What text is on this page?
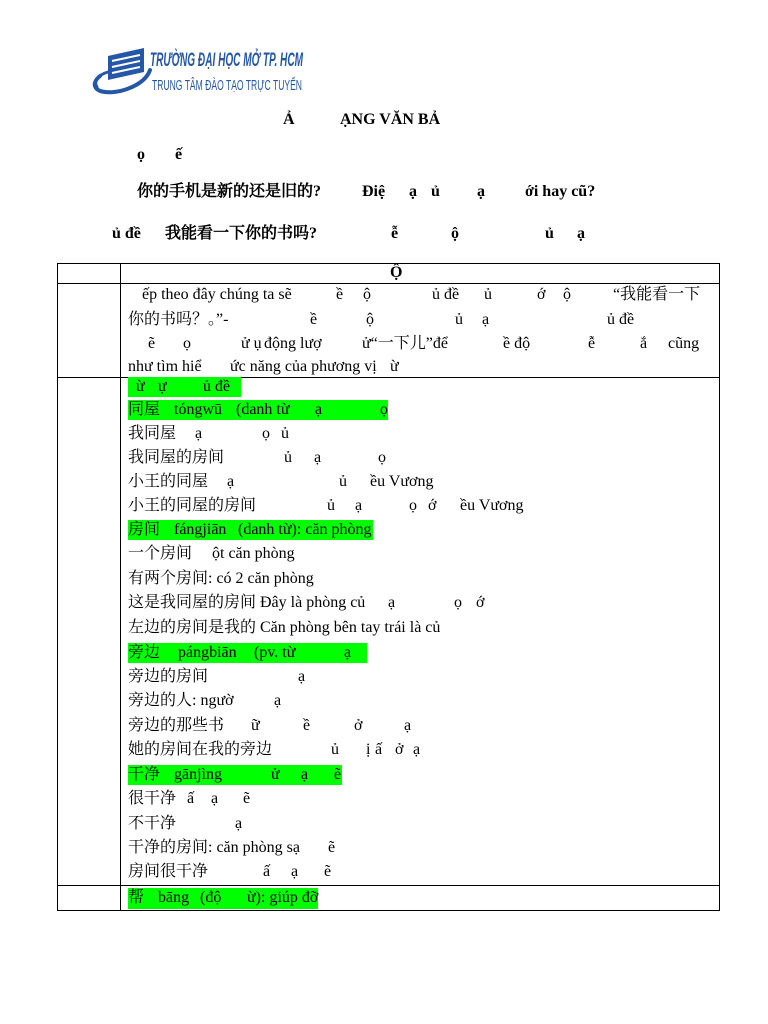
TRƯỜNG ĐẠI HỌC MỞ TP. HCM
TRUNG TÂM ĐÀO TẠO TRỰC TUYẾN
Ả	ẠNG VĂN BẢ
ọ ế
你的手机是新的还是旧的?	Điệ ạ ủ ạ	ới hay cũ?
ủ đề 我能看一下你的书吗?	ễ	ộ	ủ ạ
Ộ
ếp theo đây chúng ta sẽ	ề ộ	ủ đề ủ	ớ ộ	“我能看一下
你的书吗？。”-	ề	ộ	ủ ạ	ủ đề
ẽ ọ	ử ụ động lượ	ử“一下儿”để	ề độ	ễ	ắ cũng
như tìm hiể ức năng của phương vị ừ
ừ ự ủ đề
同屋 tóngwū (danh từ ạ	ọ
我同屋 ạ	ọ ủ
我同屋的房间	ủ ạ	ọ
小王的同屋 ạ	ủ ều Vương
小王的同屋的房间	ủ ạ	ọ ớ ều Vương
房间 fángjiān (danh từ): căn phòng
一个房间 ột căn phòng
有两个房间: có 2 căn phòng
这是我同屋的房间 Đây là phòng củ ạ	ọ ớ
左边的房间是我的 Căn phòng bên tay trái là củ
旁边 pángbiān (pv. từ	ạ
旁边的房间	ạ
旁边的人: ngườ	ạ
旁边的那些书 ữ	ề	ở	ạ
她的房间在我的旁边	ủ ị ấ ở ạ
干净 gānjìng	ử ạ ẽ
很干净 ấ ạ ẽ
不干净	ạ
干净的房间: căn phòng sạ ẽ
房间很干净	ấ ạ ẽ
帮 bāng (độ ừ): giúp đỡ
